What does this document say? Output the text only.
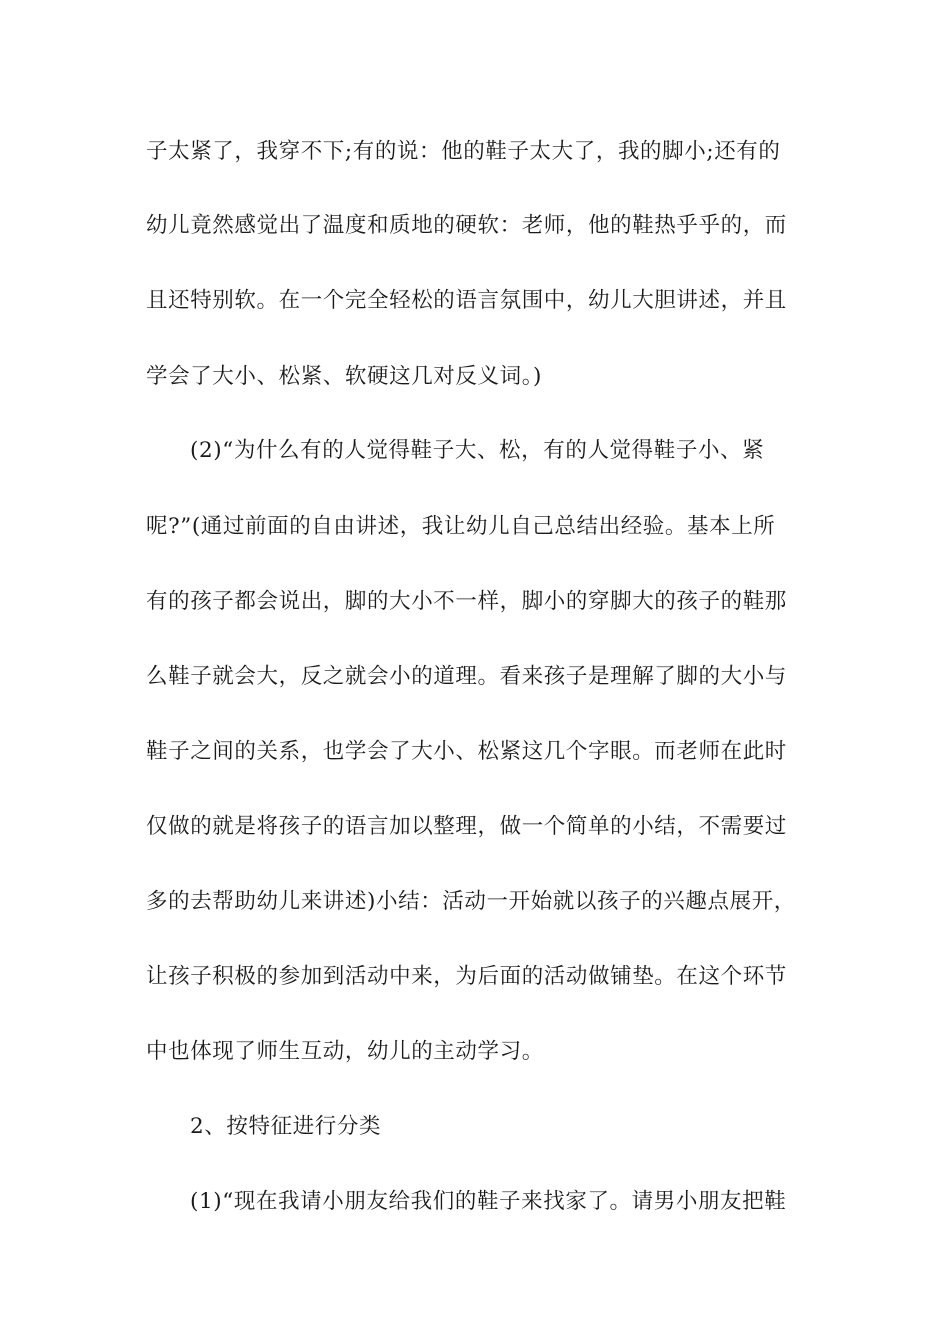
子太紧了，我穿不下;有的说：他的鞋子太大了，我的脚小;还有的
幼儿竟然感觉出了温度和质地的硬软：老师，他的鞋热乎乎的，而
且还特别软。在一个完全轻松的语言氛围中，幼儿大胆讲述，并且
学会了大小、松紧、软硬这几对反义词。)
(2)“为什么有的人觉得鞋子大、松，有的人觉得鞋子小、紧
呢?”(通过前面的自由讲述，我让幼儿自己总结出经验。基本上所
有的孩子都会说出，脚的大小不一样，脚小的穿脚大的孩子的鞋那
么鞋子就会大，反之就会小的道理。看来孩子是理解了脚的大小与
鞋子之间的关系，也学会了大小、松紧这几个字眼。而老师在此时
仅做的就是将孩子的语言加以整理，做一个简单的小结，不需要过
多的去帮助幼儿来讲述)小结：活动一开始就以孩子的兴趣点展开，
让孩子积极的参加到活动中来，为后面的活动做铺垫。在这个环节
中也体现了师生互动，幼儿的主动学习。
2、按特征进行分类
(1)“现在我请小朋友给我们的鞋子来找家了。请男小朋友把鞋
